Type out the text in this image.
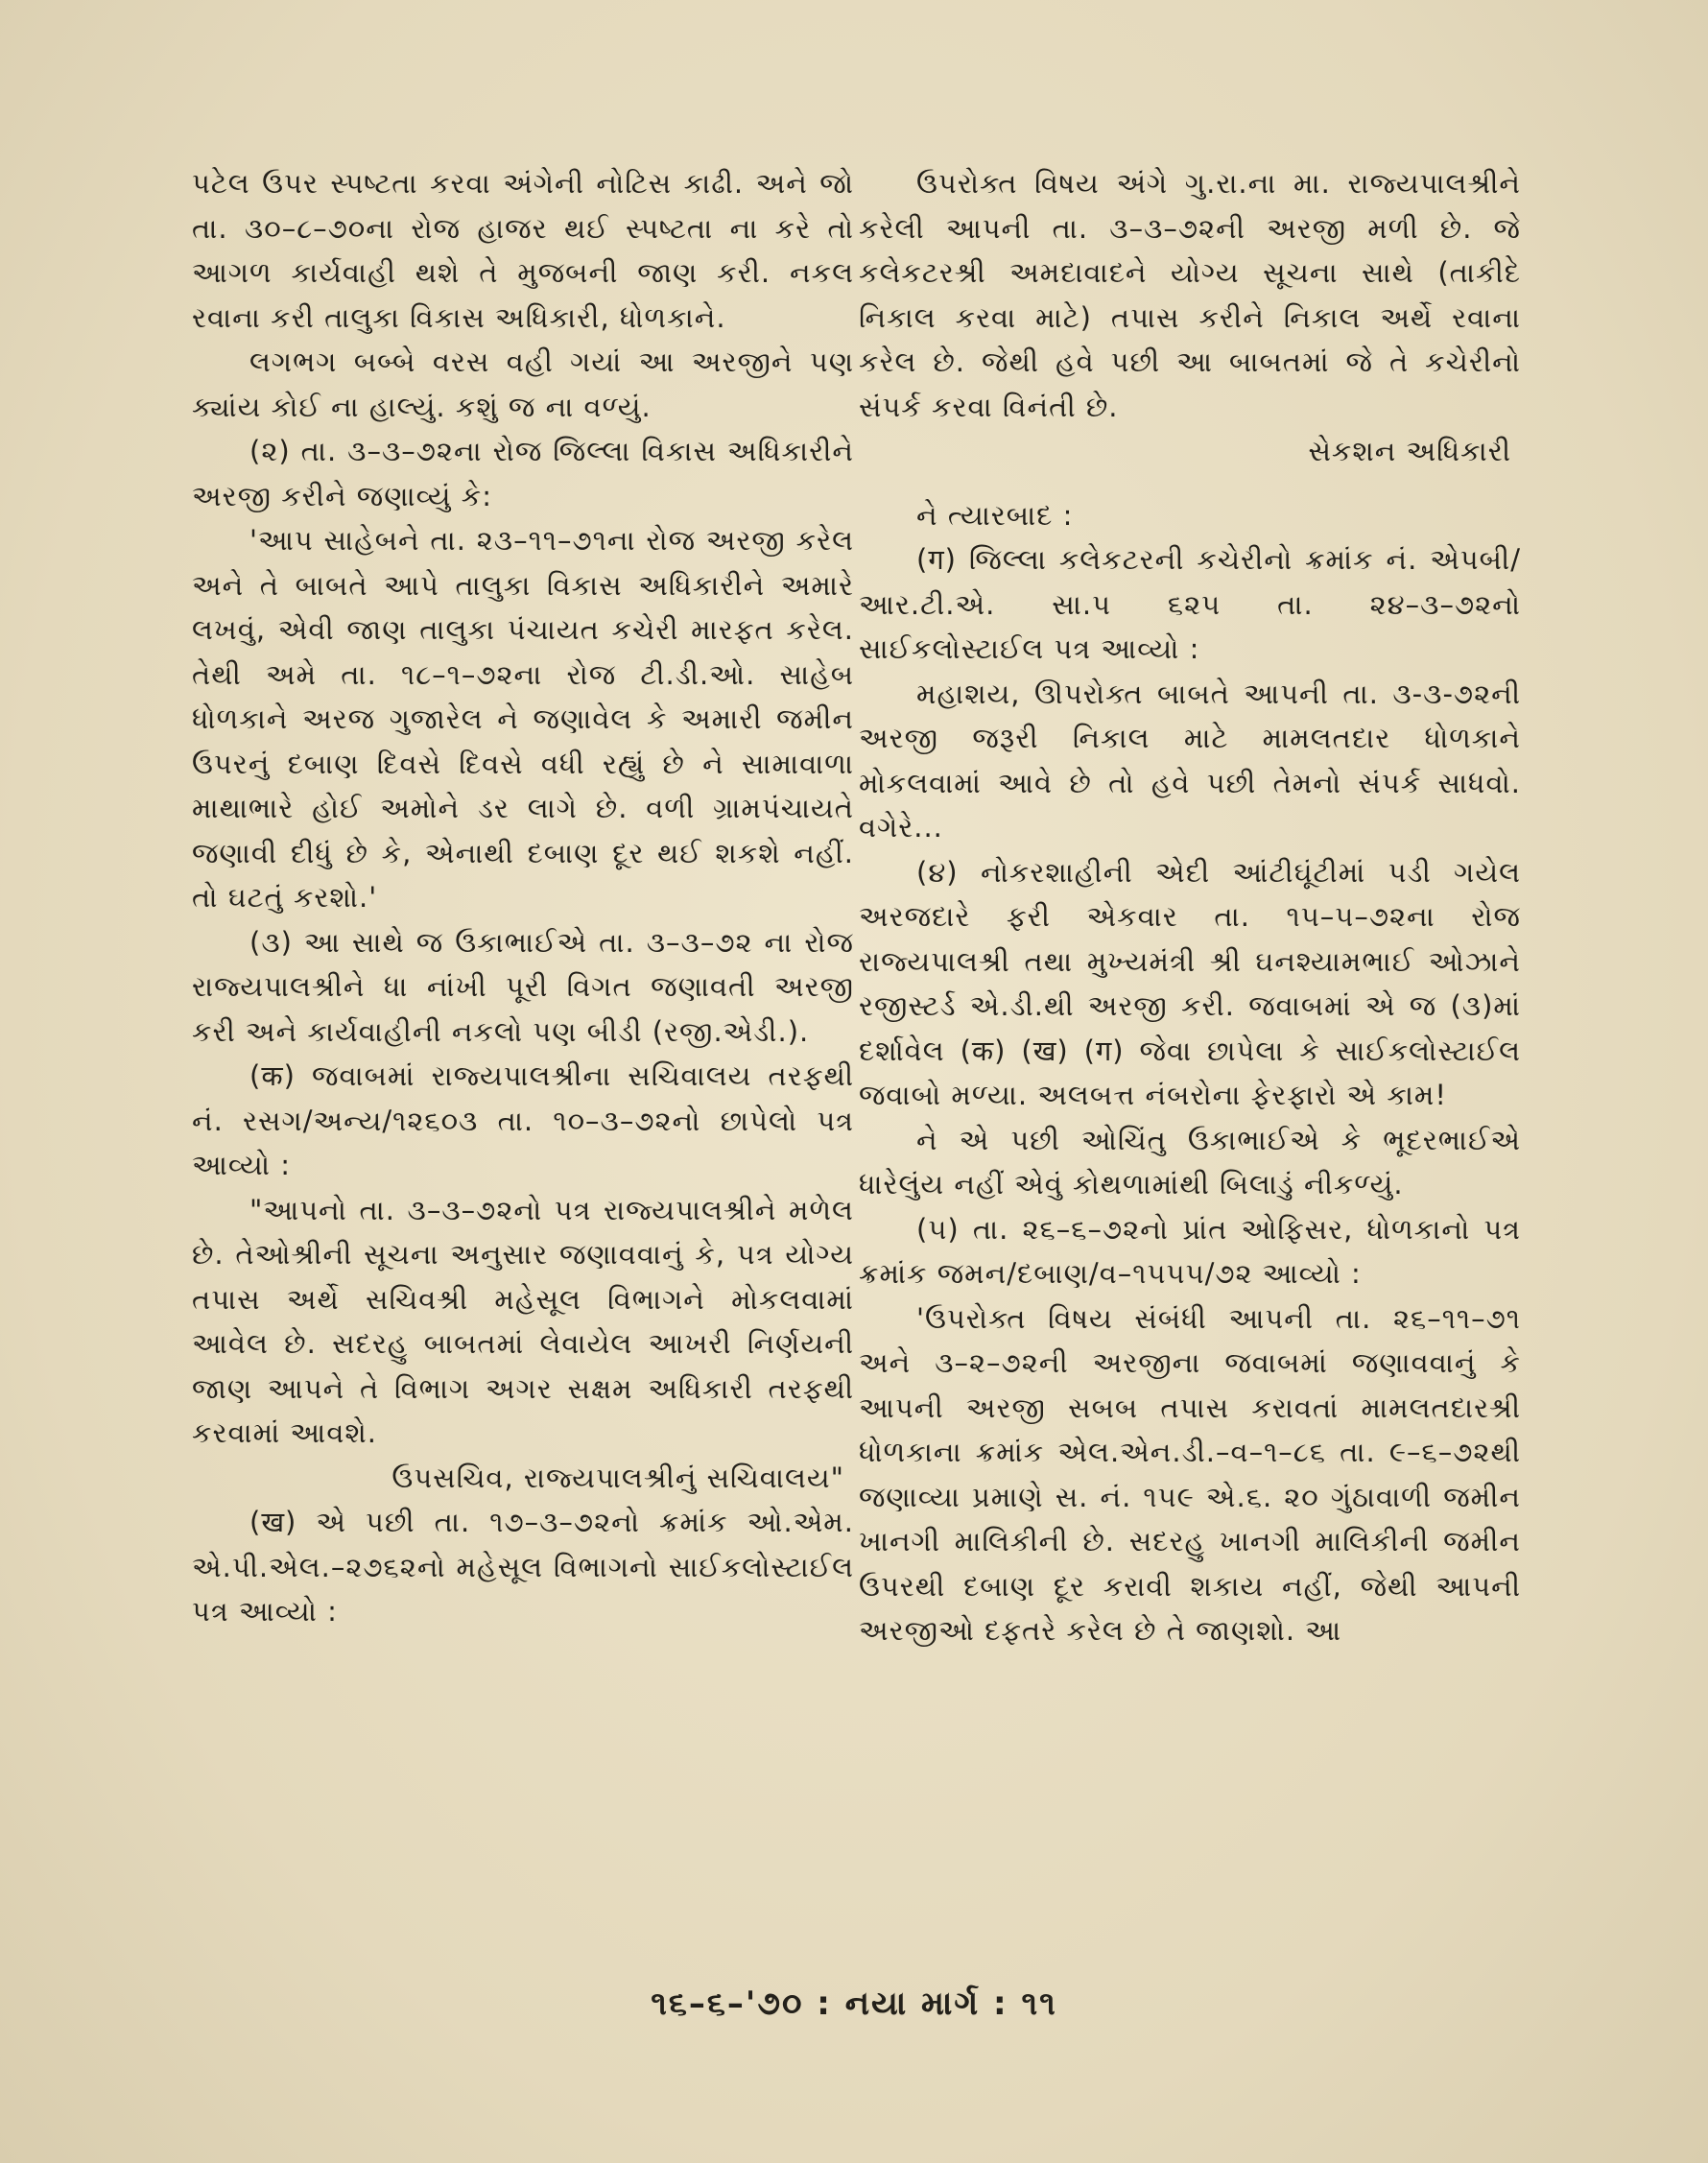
પટેલ ઉપર સ્પષ્ટતા કરવા અંગેની નોટિસ કાઢી. અને જો તા. ૩૦–૮–૭૦ના રોજ હાજર થઈ સ્પષ્ટતા ના કરે તો આગળ કાર્યવાહી થશે તે મુજબની જાણ કરી. નકલ રવાના કરી તાલુકા વિકાસ અધિકારી, ધોળકાને.

લગભગ બબ્બે વરસ વહી ગયાં આ અરજીને પણ ક્યાંય કોઈ ના હાલ્યું. કશું જ ના વળ્યું.

(૨) તા. ૩–૩–૭૨ના રોજ જિલ્લા વિકાસ અધિકારીને અરજી કરીને જણાવ્યું કે:

'આપ સાહેબને તા. ૨૩–૧૧–૭૧ના રોજ અરજી કરેલ અને તે બાબતે આપે તાલુકા વિકાસ અધિકારીને અમારે લખવું, એવી જાણ તાલુકા પંચાયત કચેરી મારફત કરેલ. તેથી અમે તા. ૧૮–૧–૭૨ના રોજ ટી.ડી.ઓ. સાહેબ ધોળકાને અરજ ગુજારેલ ને જણાવેલ કે અમારી જમીન ઉપરનું દબાણ દિવસે દિવસે વધી રહ્યું છે ને સામાવાળા માથાભારે હોઈ અમોને ડર લાગે છે. વળી ગ્રામપંચાયતે જણાવી દીધું છે કે, એનાથી દબાણ દૂર થઈ શકશે નહીં. તો ઘટતું કરશો.'

(૩) આ સાથે જ ઉકાભાઈએ તા. ૩–૩–૭૨ ના રોજ રાજ્યપાલશ્રીને ધા નાંખી પૂરી વિગત જણાવતી અરજી કરી અને કાર્યવાહીની નકલો પણ બીડી (રજી.એડી.).

(क) જવાબમાં રાજ્યપાલશ્રીના સચિવાલય તરફથી નં. રસગ/અન્ય/૧૨૬૦૩ તા. ૧૦–૩–૭૨નો છાપેલો પત્ર આવ્યો :

"આપનો તા. ૩–૩–૭૨નો પત્ર રાજ્યપાલશ્રીને મળેલ છે. તેઓશ્રીની સૂચના અનુસાર જણાવવાનું કે, પત્ર યોગ્ય તપાસ અર્થે સચિવશ્રી મહેસૂલ વિભાગને મોકલવામાં આવેલ છે. સદરહુ બાબતમાં લેવાયેલ આખરી નિર્ણયની જાણ આપને તે વિભાગ અગર સક્ષમ અધિકારી તરફથી કરવામાં આવશે.

ઉપસચિવ, રાજ્યપાલશ્રીનું સચિવાલય"

(ख) એ પછી તા. ૧૭–૩–૭૨નો ક્રમાંક ઓ.એમ. એ.પી.એલ.–૨૭૬૨નો મહેસૂલ વિભાગનો સાઈકલોસ્ટાઈલ પત્ર આવ્યો :

ઉપરોક્ત વિષય અંગે ગુ.રા.ના મા. રાજ્યપાલશ્રીને કરેલી આપની તા. ૩–૩–૭૨ની અરજી મળી છે. જે કલેકટરશ્રી અમદાવાદને યોગ્ય સૂચના સાથે (તાકીદે નિકાલ કરવા માટે) તપાસ કરીને નિકાલ અર્થે રવાના કરેલ છે. જેથી હવે પછી આ બાબતમાં જે તે કચેરીનો સંપર્ક કરવા વિનંતી છે.

સેકશન અધિકારી

ને ત્યારબાદ :

(ग) જિલ્લા કલેકટરની કચેરીનો ક્રમાંક નં. એપબી/આર.ટી.એ. સા.પ ૬૨૫ તા. ૨૪–૩–૭૨નો સાઈકલોસ્ટાઈલ પત્ર આવ્યો :

મહાશય, ઊપરોક્ત બાબતે આપની તા. ૩-૩-૭૨ની અરજી જરૂરી નિકાલ માટે મામલતદાર ધોળકાને મોકલવામાં આવે છે તો હવે પછી તેમનો સંપર્ક સાધવો. વગેરે...

(૪) નોકરશાહીની એદી આંટીઘૂંટીમાં પડી ગયેલ અરજદારે ફરી એકવાર તા. ૧૫–૫–૭૨ના રોજ રાજ્યપાલશ્રી તથા મુખ્યમંત્રી શ્રી ઘનશ્યામભાઈ ઓઝાને રજીસ્ટર્ડ એ.ડી.થી અરજી કરી. જવાબમાં એ જ (૩)માં દર્શાવેલ (क) (ख) (ग) જેવા છાપેલા કે સાઈકલોસ્ટાઈલ જવાબો મળ્યા. અલબત્ત નંબરોના ફેરફારો એ કામ!

ને એ પછી ઓચિંતુ ઉકાભાઈએ કે ભૂદરભાઈએ ધારેલુંય નહીં એવું કોથળામાંથી બિલાડું નીકળ્યું.

(૫) તા. ૨૬–૬–૭૨નો પ્રાંત ઓફિસર, ધોળકાનો પત્ર ક્રમાંક જમન/દબાણ/વ–૧૫૫૫/૭૨ આવ્યો :

'ઉપરોક્ત વિષય સંબંધી આપની તા. ૨૬–૧૧–૭૧ અને ૩–૨–૭૨ની અરજીના જવાબમાં જણાવવાનું કે આપની અરજી સબબ તપાસ કરાવતાં મામલતદારશ્રી ધોળકાના ક્રમાંક એલ.એન.ડી.–વ–૧–૮૬ તા. ૯–૬–૭૨થી જણાવ્યા પ્રમાણે સ. નં. ૧૫૯ એ.૬. ૨૦ ગુંઠાવાળી જમીન ખાનગી માલિકીની છે. સદરહુ ખાનગી માલિકીની જમીન ઉપરથી દબાણ દૂર કરાવી શકાય નહીં, જેથી આપની અરજીઓ દફતરે કરેલ છે તે જાણશો. આ

૧૬–૬–'૭૦ : નયા માર્ગ : ૧૧
